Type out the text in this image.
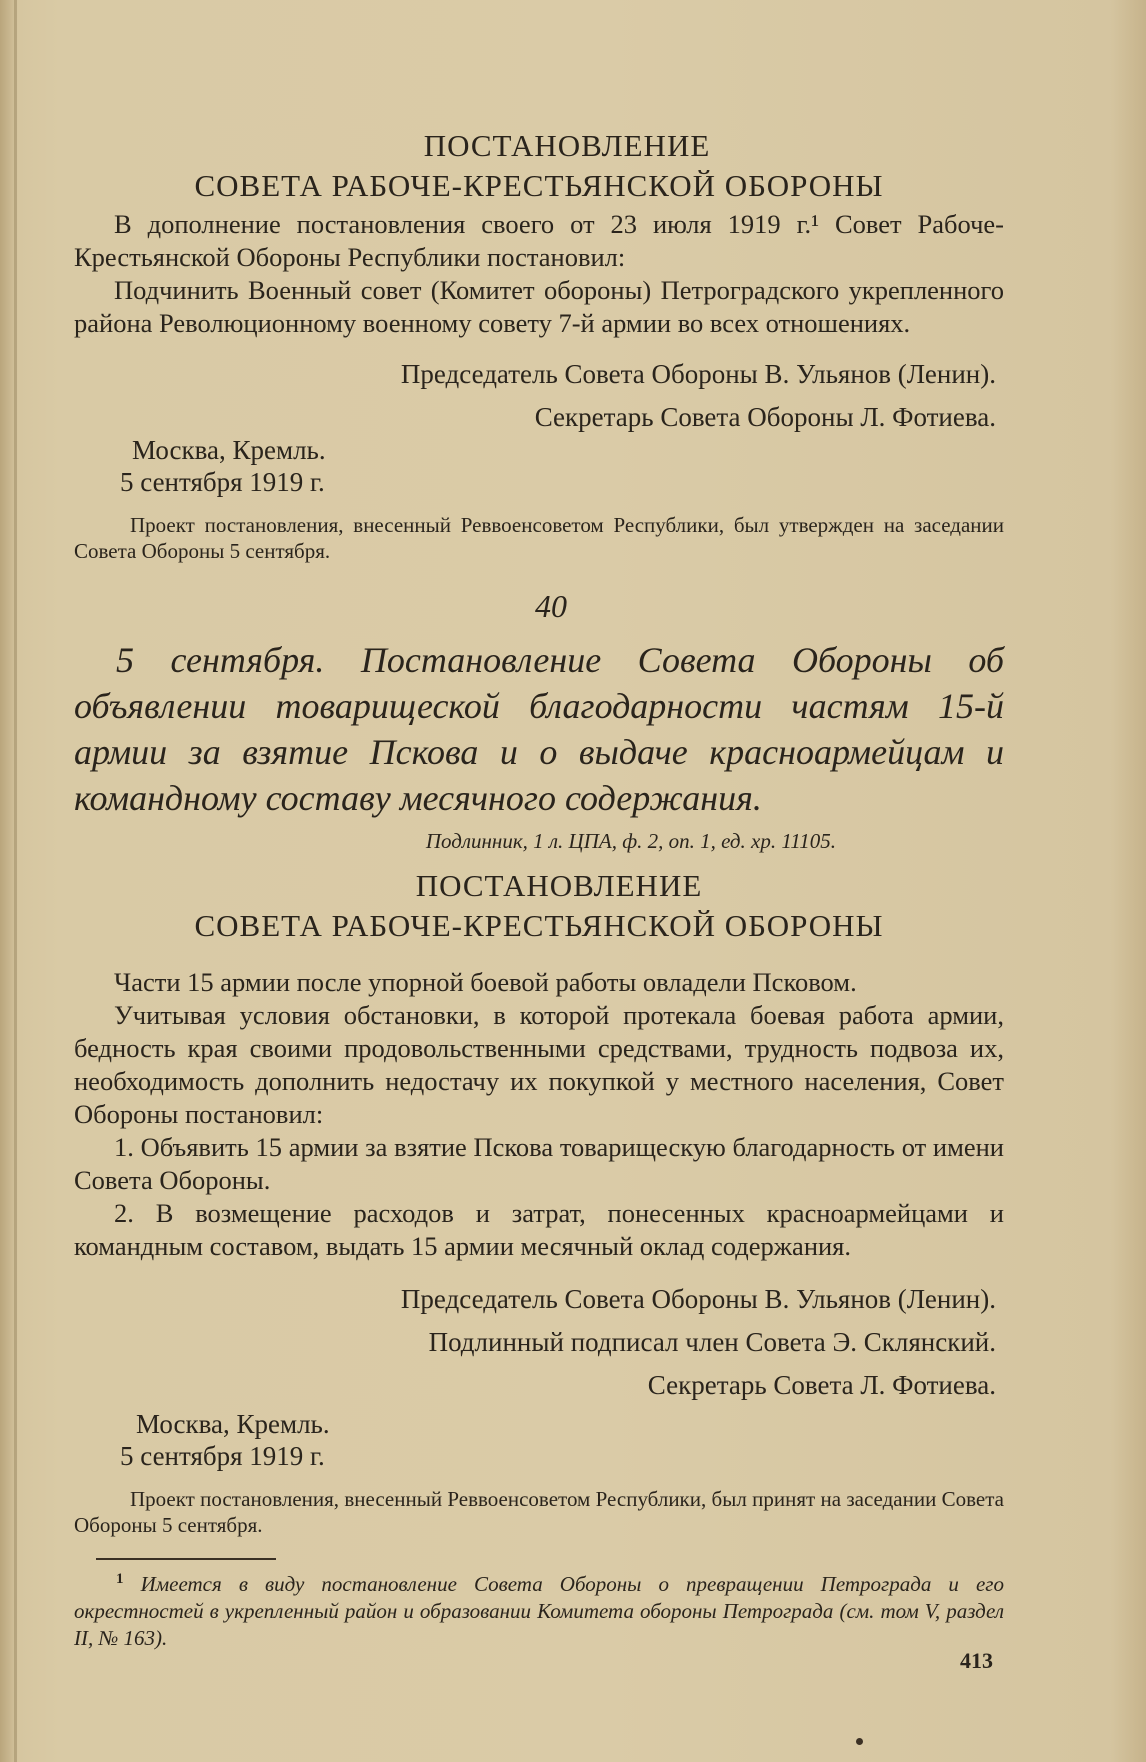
ПОСТАНОВЛЕНИЕ
СОВЕТА РАБОЧЕ-КРЕСТЬЯНСКОЙ ОБОРОНЫ

В дополнение постановления своего от 23 июля 1919 г.¹ Совет Рабоче-Крестьянской Обороны Республики постановил:

Подчинить Военный совет (Комитет обороны) Петроградского укрепленного района Революционному военному совету 7-й армии во всех отношениях.

Председатель Совета Обороны В. Ульянов (Ленин).

Секретарь Совета Обороны Л. Фотиева.

Москва, Кремль.

5 сентября 1919 г.

Проект постановления, внесенный Реввоенсоветом Республики, был утвержден на заседании Совета Обороны 5 сентября.

40

5 сентября. Постановление Совета Обороны об объявлении товарищеской благодарности частям 15-й армии за взятие Пскова и о выдаче красноармейцам и командному составу месячного содержания.

Подлинник, 1 л. ЦПА, ф. 2, оп. 1, ед. хр. 11105.

ПОСТАНОВЛЕНИЕ
СОВЕТА РАБОЧЕ-КРЕСТЬЯНСКОЙ ОБОРОНЫ

Части 15 армии после упорной боевой работы овладели Псковом.

Учитывая условия обстановки, в которой протекала боевая работа армии, бедность края своими продовольственными средствами, трудность подвоза их, необходимость дополнить недостачу их покупкой у местного населения, Совет Обороны постановил:

1. Объявить 15 армии за взятие Пскова товарищескую благодарность от имени Совета Обороны.

2. В возмещение расходов и затрат, понесенных красноармейцами и командным составом, выдать 15 армии месячный оклад содержания.

Председатель Совета Обороны В. Ульянов (Ленин).

Подлинный подписал член Совета Э. Склянский.

Секретарь Совета Л. Фотиева.

Москва, Кремль.

5 сентября 1919 г.

Проект постановления, внесенный Реввоенсоветом Республики, был принят на заседании Совета Обороны 5 сентября.

$^1$ Имеется в виду постановление Совета Обороны о превращении Петрограда и его окрестностей в укрепленный район и образовании Комитета обороны Петрограда (см. том V, раздел II, № 163).

413
